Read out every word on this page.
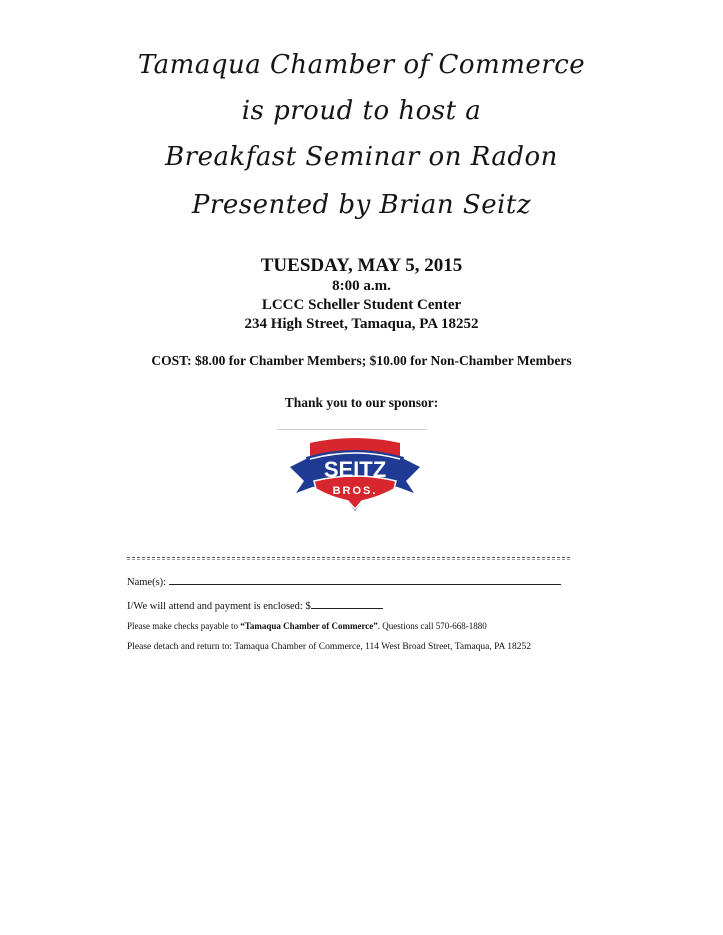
Tamaqua Chamber of Commerce
is proud to host a
Breakfast Seminar on Radon
Presented by Brian Seitz
TUESDAY, MAY 5, 2015
8:00 a.m.
LCCC Scheller Student Center
234 High Street, Tamaqua, PA 18252
COST: $8.00 for Chamber Members; $10.00 for Non-Chamber Members
Thank you to our sponsor:
SEITZ
BROS.
Name(s):
I/We will attend and payment is enclosed: $
Please make checks payable to “Tamaqua Chamber of Commerce”. Questions call 570-668-1880
Please detach and return to: Tamaqua Chamber of Commerce, 114 West Broad Street, Tamaqua, PA 18252
